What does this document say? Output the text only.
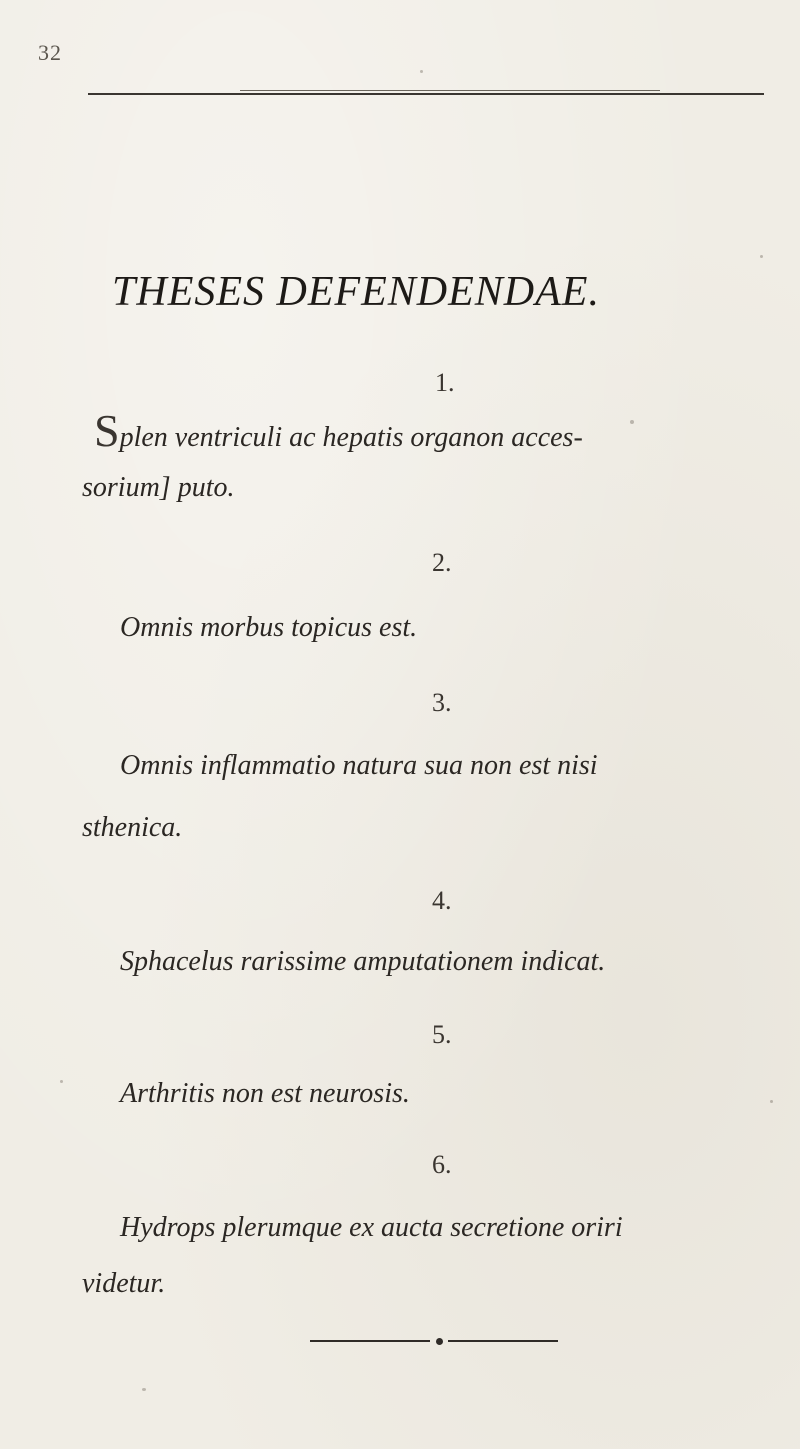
32
THESES DEFENDENDAE.
1.
Splen ventriculi ac hepatis organon acces-
sorium] puto.
2.
Omnis morbus topicus est.
3.
Omnis inflammatio natura sua non est nisi
sthenica.
4.
Sphacelus rarissime amputationem indicat.
5.
Arthritis non est neurosis.
6.
Hydrops plerumque ex aucta secretione oriri
videtur.
